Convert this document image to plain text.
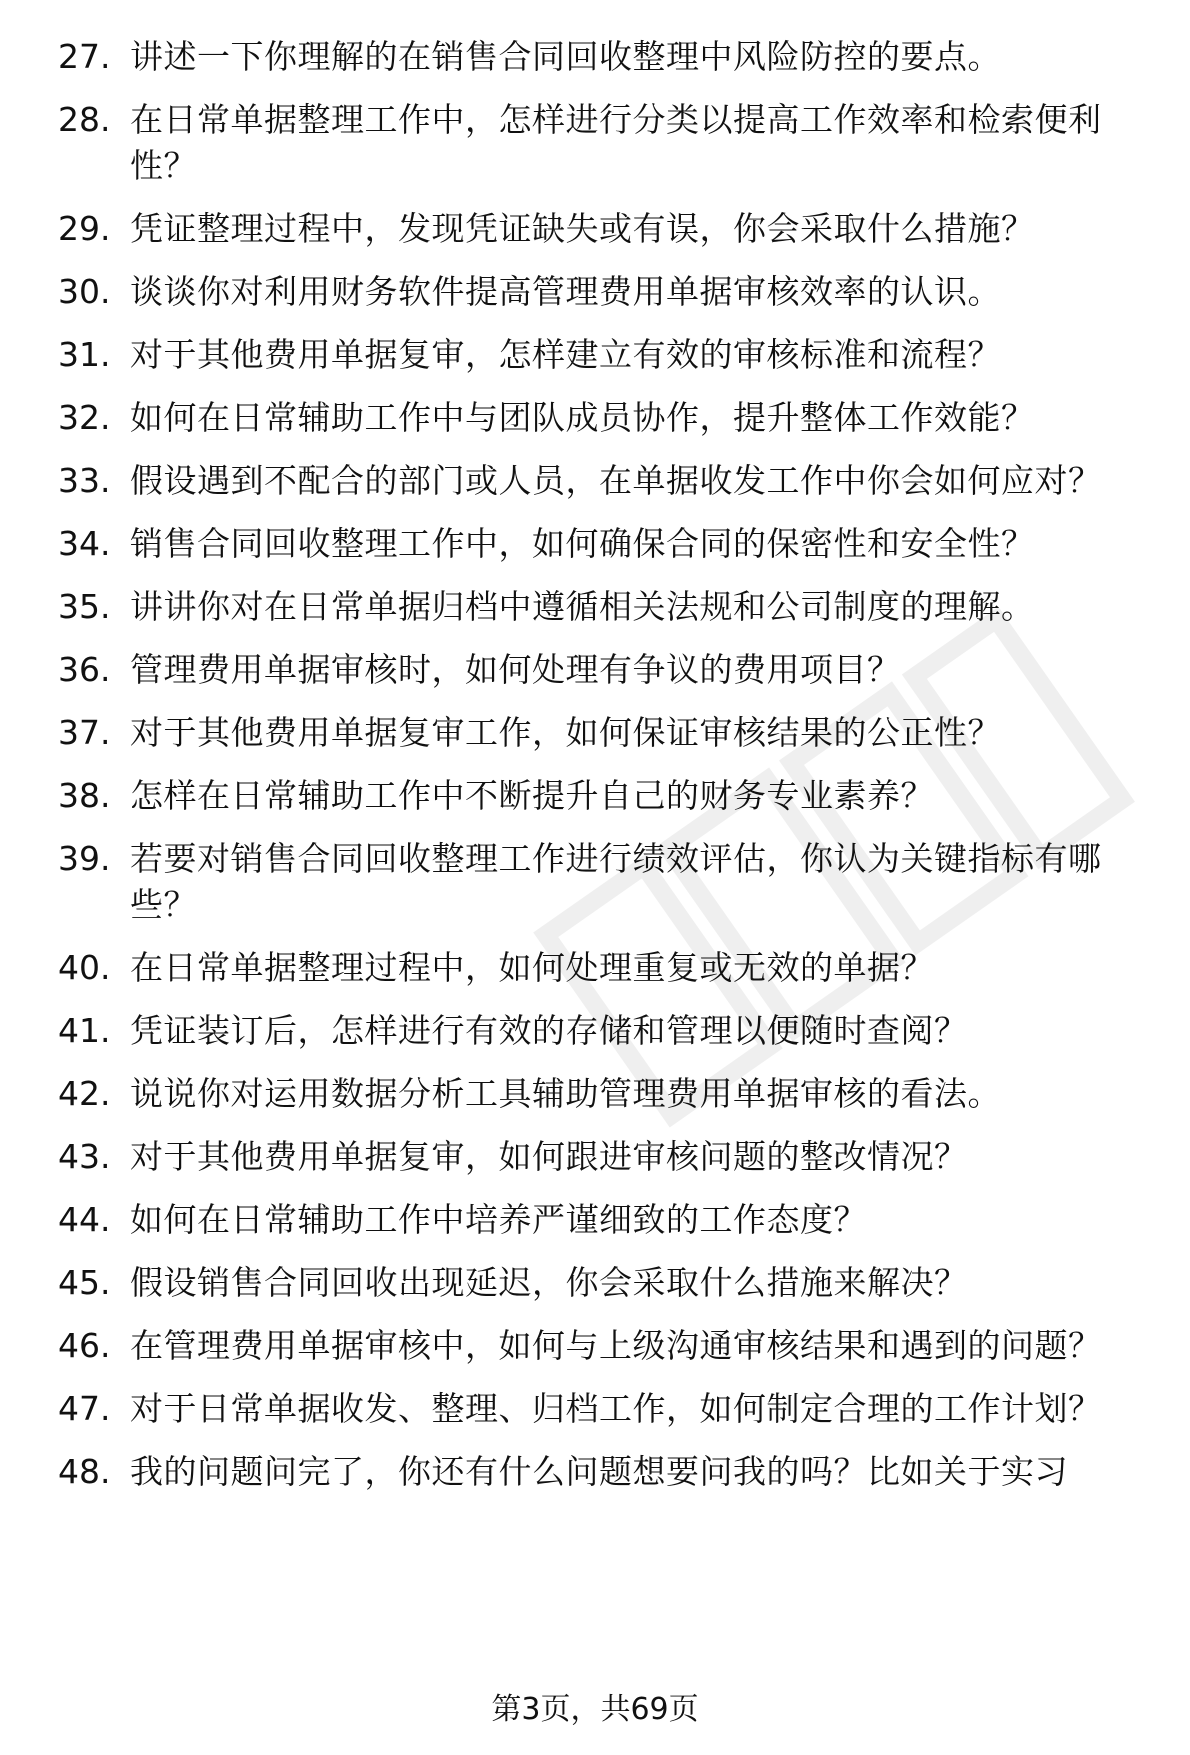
27. 讲述一下你理解的在销售合同回收整理中风险防控的要点。
28. 在日常单据整理工作中，怎样进行分类以提高工作效率和检索便利性？
29. 凭证整理过程中，发现凭证缺失或有误，你会采取什么措施？
30. 谈谈你对利用财务软件提高管理费用单据审核效率的认识。
31. 对于其他费用单据复审，怎样建立有效的审核标准和流程？
32. 如何在日常辅助工作中与团队成员协作，提升整体工作效能？
33. 假设遇到不配合的部门或人员，在单据收发工作中你会如何应对？
34. 销售合同回收整理工作中，如何确保合同的保密性和安全性？
35. 讲讲你对在日常单据归档中遵循相关法规和公司制度的理解。
36. 管理费用单据审核时，如何处理有争议的费用项目？
37. 对于其他费用单据复审工作，如何保证审核结果的公正性？
38. 怎样在日常辅助工作中不断提升自己的财务专业素养？
39. 若要对销售合同回收整理工作进行绩效评估，你认为关键指标有哪些？
40. 在日常单据整理过程中，如何处理重复或无效的单据？
41. 凭证装订后，怎样进行有效的存储和管理以便随时查阅？
42. 说说你对运用数据分析工具辅助管理费用单据审核的看法。
43. 对于其他费用单据复审，如何跟进审核问题的整改情况？
44. 如何在日常辅助工作中培养严谨细致的工作态度？
45. 假设销售合同回收出现延迟，你会采取什么措施来解决？
46. 在管理费用单据审核中，如何与上级沟通审核结果和遇到的问题？
47. 对于日常单据收发、整理、归档工作，如何制定合理的工作计划？
48. 我的问题问完了，你还有什么问题想要问我的吗？比如关于实习
第3页，共69页
